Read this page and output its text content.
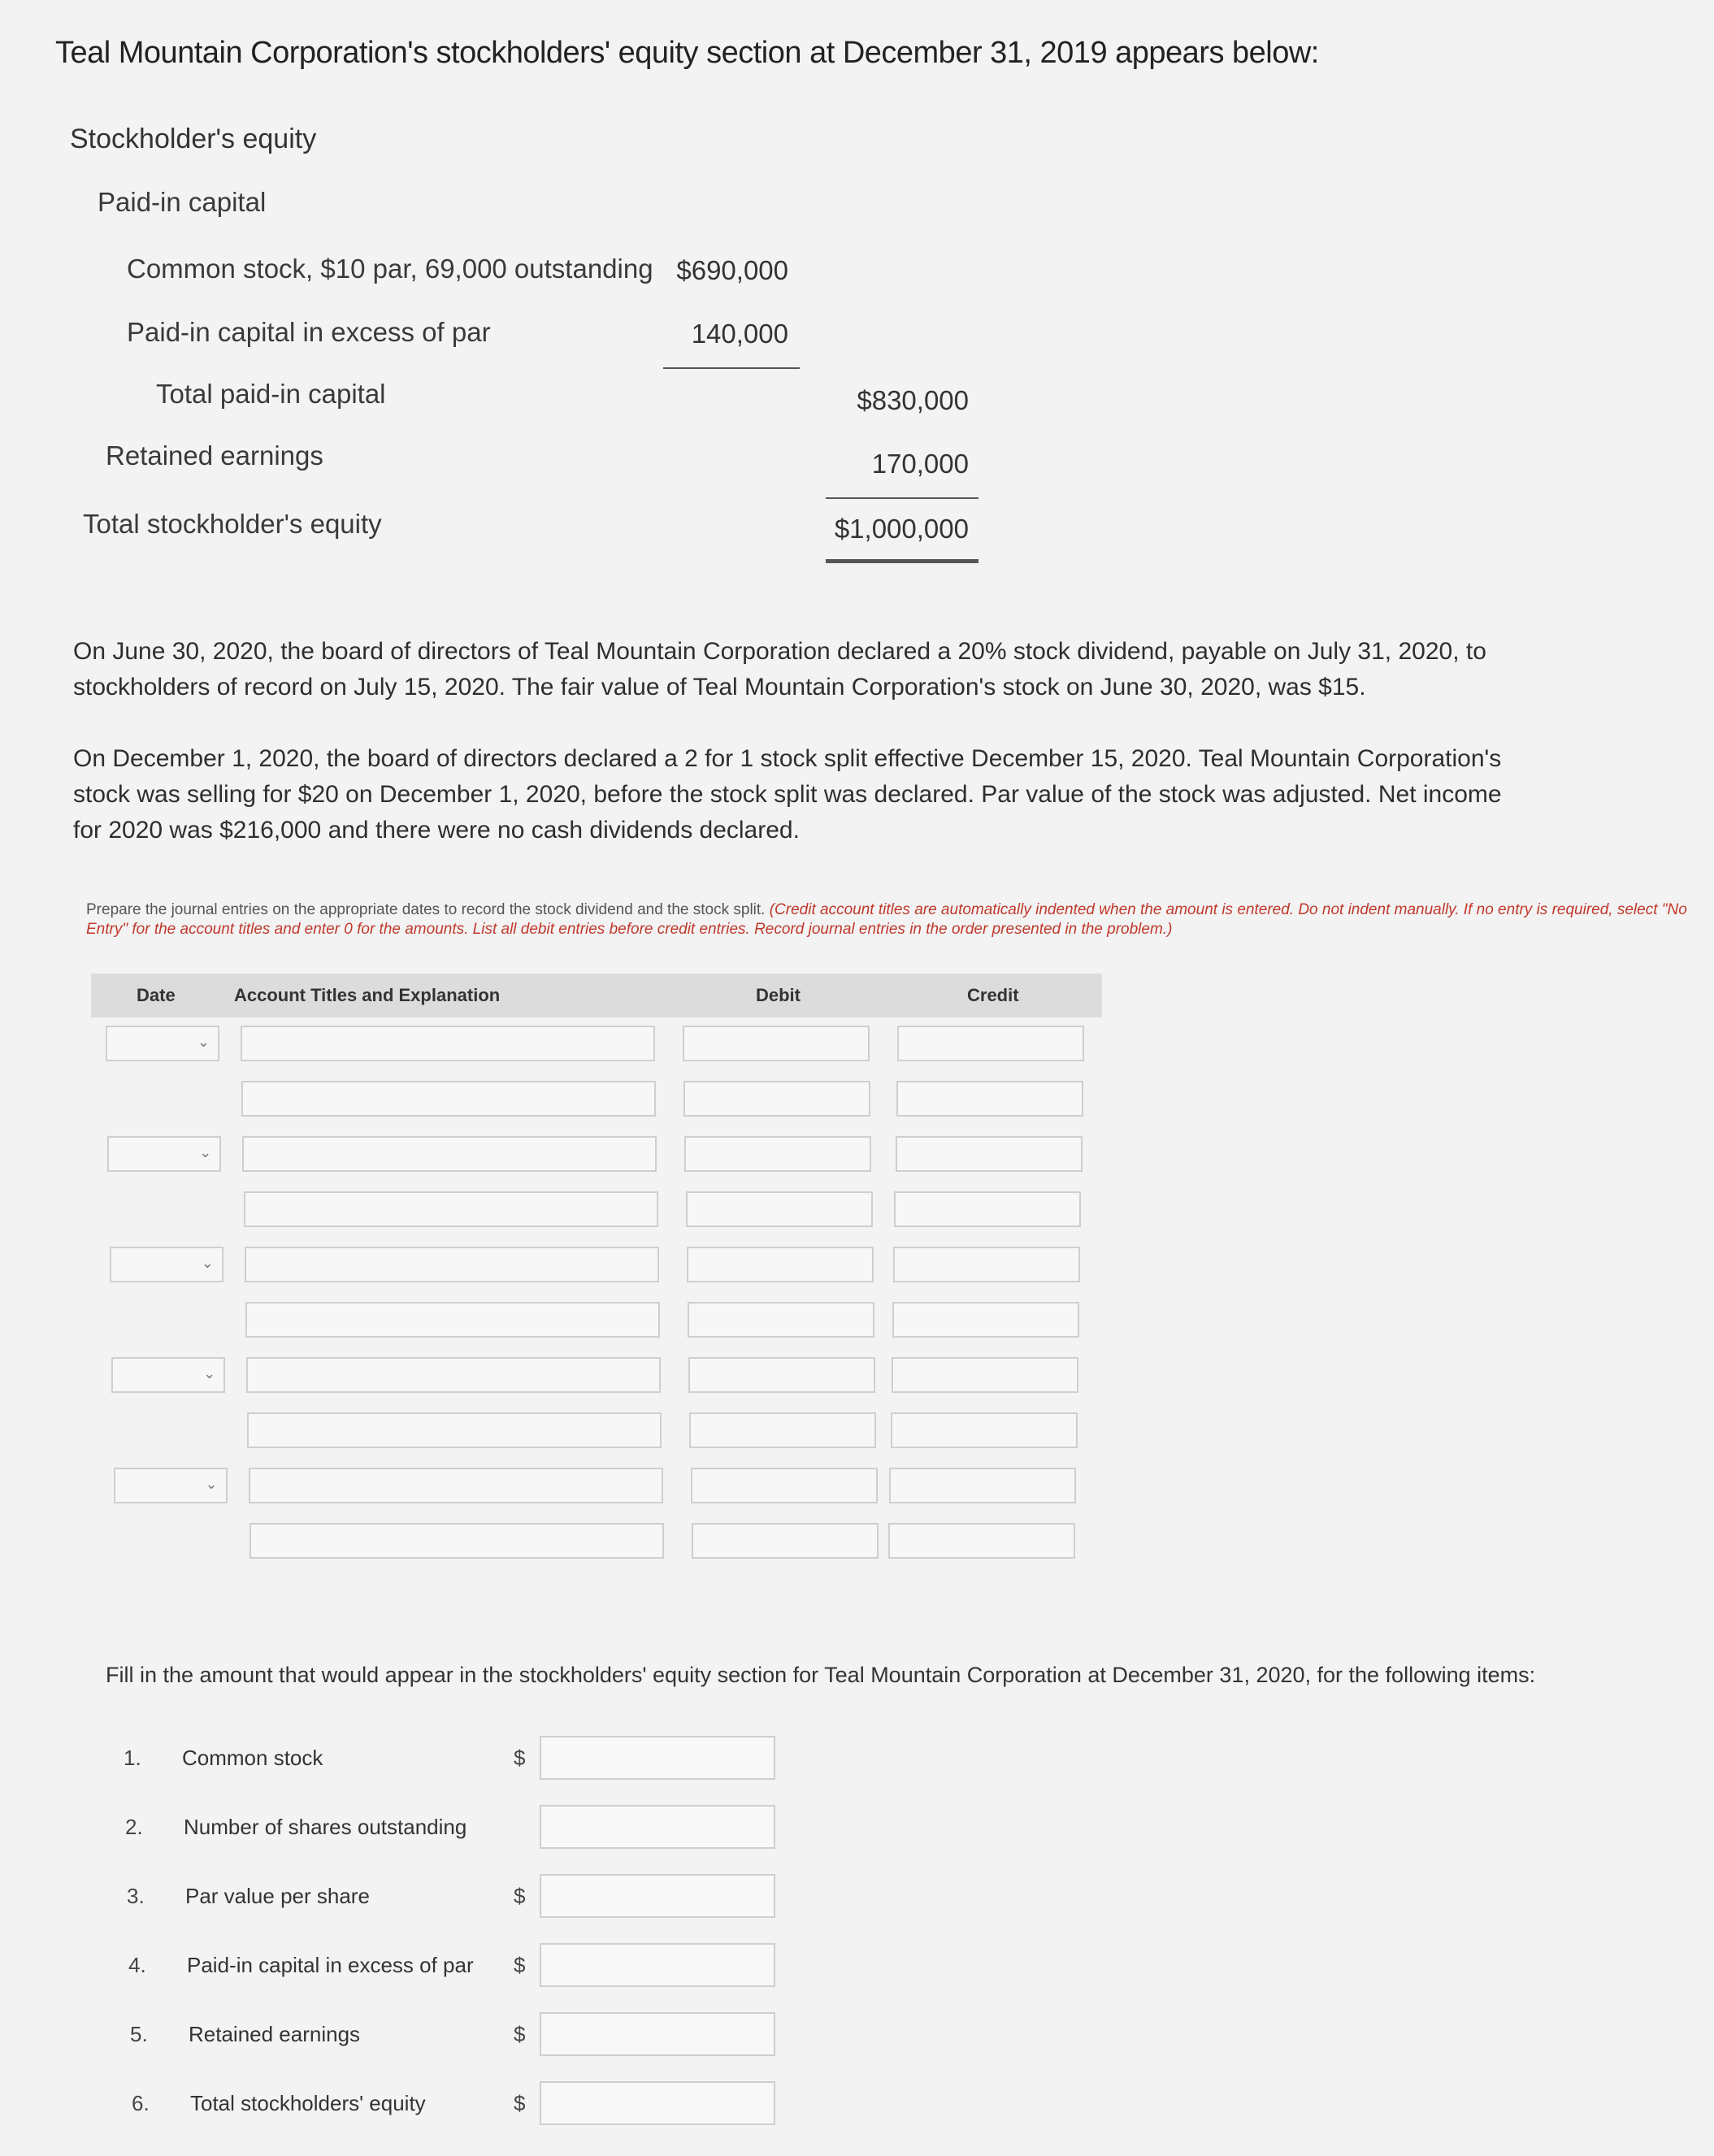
Teal Mountain Corporation's stockholders' equity section at December 31, 2019 appears below:
Stockholder's equity
Paid-in capital
Common stock, $10 par, 69,000 outstanding $690,000
Paid-in capital in excess of par	140,000
Total paid-in capital	$830,000
Retained earnings	170,000
Total stockholder's equity	$1,000,000
On June 30, 2020, the board of directors of Teal Mountain Corporation declared a 20% stock dividend, payable on July 31, 2020, to stockholders of record on July 15, 2020. The fair value of Teal Mountain Corporation's stock on June 30, 2020, was $15.
On December 1, 2020, the board of directors declared a 2 for 1 stock split effective December 15, 2020. Teal Mountain Corporation's stock was selling for $20 on December 1, 2020, before the stock split was declared. Par value of the stock was adjusted. Net income for 2020 was $216,000 and there were no cash dividends declared.
Prepare the journal entries on the appropriate dates to record the stock dividend and the stock split. (Credit account titles are automatically indented when the amount is entered. Do not indent manually. If no entry is required, select "No Entry" for the account titles and enter 0 for the amounts. List all debit entries before credit entries. Record journal entries in the order presented in the problem.)
Date	Account Titles and Explanation	Debit	Credit
⌄
⌄
⌄
⌄
⌄
Fill in the amount that would appear in the stockholders' equity section for Teal Mountain Corporation at December 31, 2020, for the following items:
1. Common stock	$
2. Number of shares outstanding
3. Par value per share	$
4. Paid-in capital in excess of par $
5. Retained earnings	$
6. Total stockholders' equity	$
